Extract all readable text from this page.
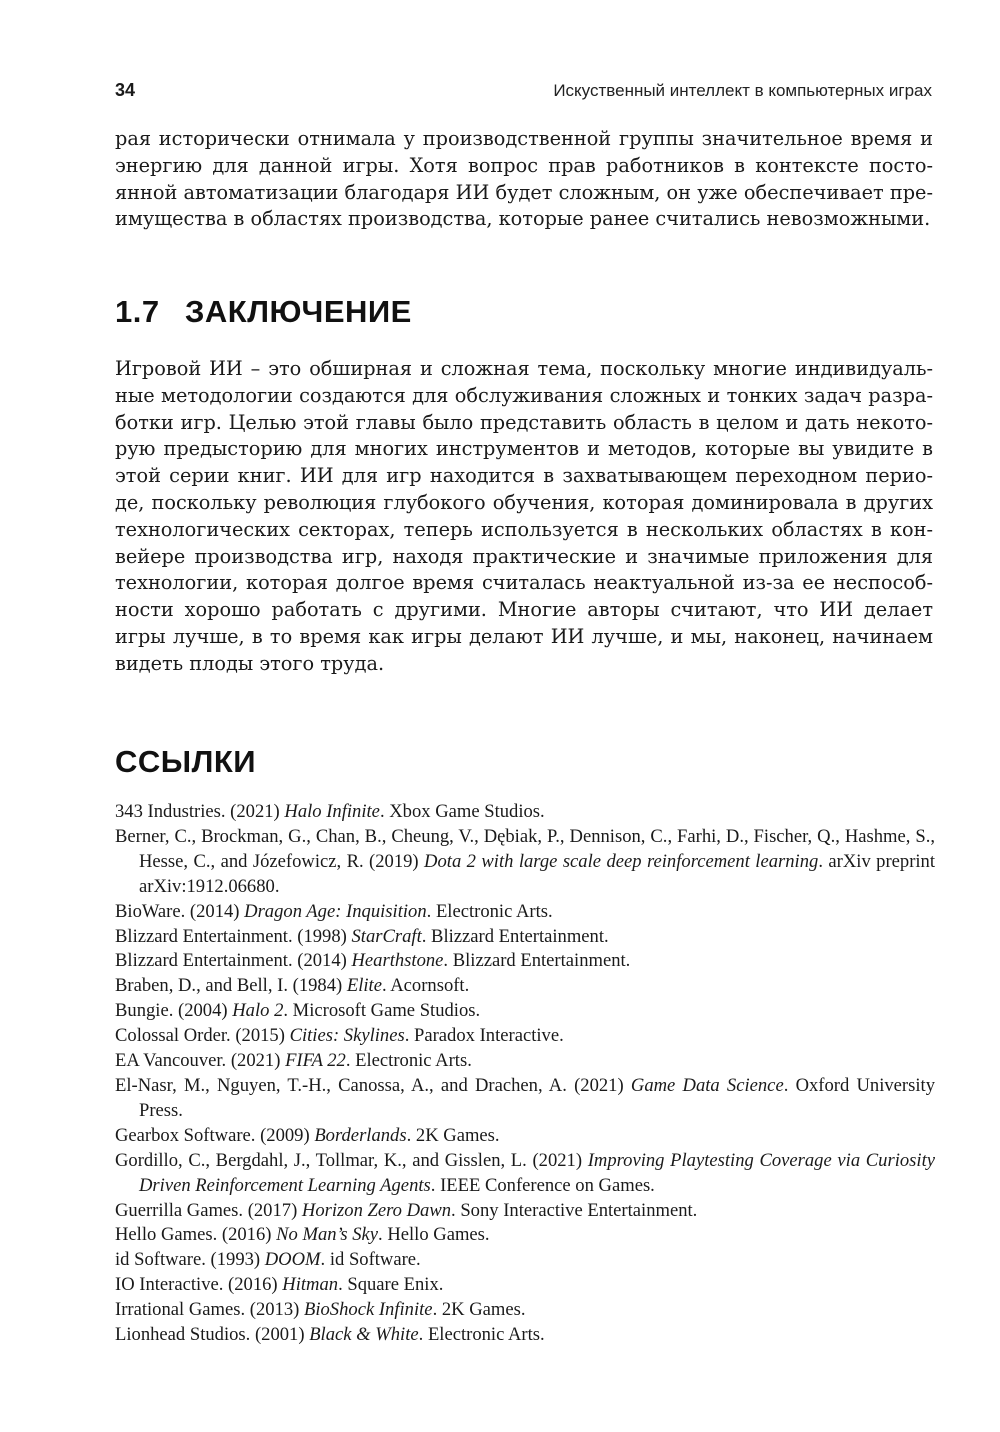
34	Искуственный интеллект в компьютерных играх

рая исторически отнимала у производственной группы значительное время и энергию для данной игры. Хотя вопрос прав работников в контексте постоянной автоматизации благодаря ИИ будет сложным, он уже обеспечивает преимущества в областях производства, которые ранее считались невозможными.

1.7 ЗАКЛЮЧЕНИЕ

Игровой ИИ – это обширная и сложная тема, поскольку многие индивидуальные методологии создаются для обслуживания сложных и тонких задач разработки игр. Целью этой главы было представить область в целом и дать некоторую предысторию для многих инструментов и методов, которые вы увидите в этой серии книг. ИИ для игр находится в захватывающем переходном периоде, поскольку революция глубокого обучения, которая доминировала в других технологических секторах, теперь используется в нескольких областях в конвейере производства игр, находя практические и значимые приложения для технологии, которая долгое время считалась неактуальной из-за ее неспособности хорошо работать с другими. Многие авторы считают, что ИИ делает игры лучше, в то время как игры делают ИИ лучше, и мы, наконец, начинаем видеть плоды этого труда.

ССЫЛКИ
343 Industries. (2021) Halo Infinite. Xbox Game Studios.
Berner, C., Brockman, G., Chan, B., Cheung, V., Dębiak, P., Dennison, C., Farhi, D., Fischer, Q., Hashme, S., Hesse, C., and Józefowicz, R. (2019) Dota 2 with large scale deep reinforcement learning. arXiv preprint arXiv:1912.06680.
BioWare. (2014) Dragon Age: Inquisition. Electronic Arts.
Blizzard Entertainment. (1998) StarCraft. Blizzard Entertainment.
Blizzard Entertainment. (2014) Hearthstone. Blizzard Entertainment.
Braben, D., and Bell, I. (1984) Elite. Acornsoft.
Bungie. (2004) Halo 2. Microsoft Game Studios.
Colossal Order. (2015) Cities: Skylines. Paradox Interactive.
EA Vancouver. (2021) FIFA 22. Electronic Arts.
El-Nasr, M., Nguyen, T.-H., Canossa, A., and Drachen, A. (2021) Game Data Science. Oxford University Press.
Gearbox Software. (2009) Borderlands. 2K Games.
Gordillo, C., Bergdahl, J., Tollmar, K., and Gisslen, L. (2021) Improving Playtesting Coverage via Curiosity Driven Reinforcement Learning Agents. IEEE Conference on Games.
Guerrilla Games. (2017) Horizon Zero Dawn. Sony Interactive Entertainment.
Hello Games. (2016) No Man’s Sky. Hello Games.
id Software. (1993) DOOM. id Software.
IO Interactive. (2016) Hitman. Square Enix.
Irrational Games. (2013) BioShock Infinite. 2K Games.
Lionhead Studios. (2001) Black & White. Electronic Arts.
